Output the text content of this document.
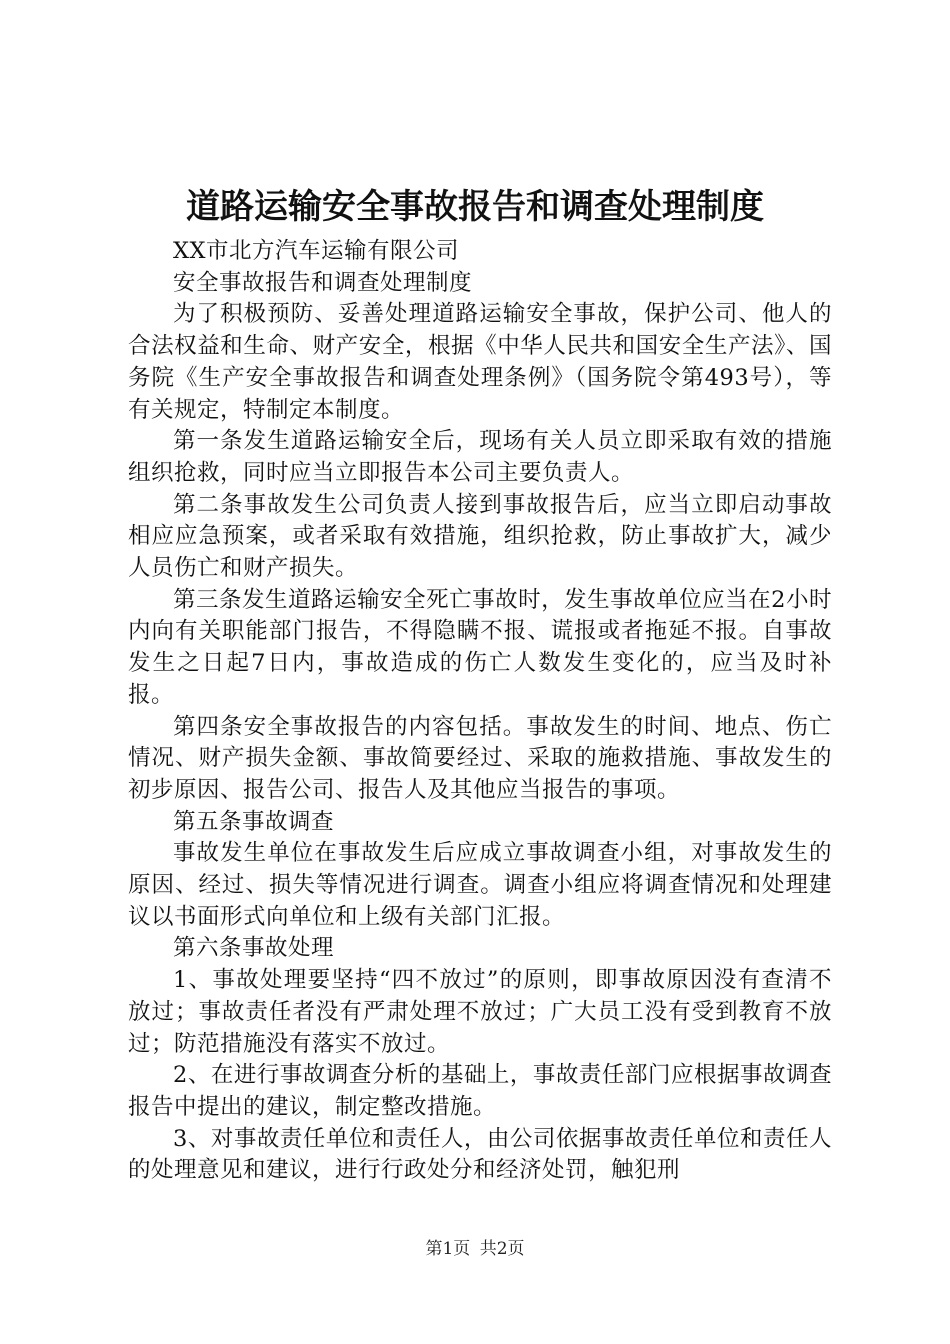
道路运输安全事故报告和调查处理制度

XX市北方汽车运输有限公司

安全事故报告和调查处理制度

为了积极预防、妥善处理道路运输安全事故，保护公司、他人的合法权益和生命、财产安全，根据《中华人民共和国安全生产法》、国务院《生产安全事故报告和调查处理条例》（国务院令第493号），等有关规定，特制定本制度。

第一条发生道路运输安全后，现场有关人员立即采取有效的措施组织抢救，同时应当立即报告本公司主要负责人。

第二条事故发生公司负责人接到事故报告后，应当立即启动事故相应应急预案，或者采取有效措施，组织抢救，防止事故扩大，减少人员伤亡和财产损失。

第三条发生道路运输安全死亡事故时，发生事故单位应当在2小时内向有关职能部门报告，不得隐瞒不报、谎报或者拖延不报。自事故发生之日起7日内，事故造成的伤亡人数发生变化的，应当及时补报。

第四条安全事故报告的内容包括。事故发生的时间、地点、伤亡情况、财产损失金额、事故简要经过、采取的施救措施、事故发生的初步原因、报告公司、报告人及其他应当报告的事项。

第五条事故调查

事故发生单位在事故发生后应成立事故调查小组，对事故发生的原因、经过、损失等情况进行调查。调查小组应将调查情况和处理建议以书面形式向单位和上级有关部门汇报。

第六条事故处理

1、事故处理要坚持“四不放过”的原则，即事故原因没有查清不放过；事故责任者没有严肃处理不放过；广大员工没有受到教育不放过；防范措施没有落实不放过。

2、在进行事故调查分析的基础上，事故责任部门应根据事故调查报告中提出的建议，制定整改措施。

3、对事故责任单位和责任人，由公司依据事故责任单位和责任人的处理意见和建议，进行行政处分和经济处罚，触犯刑

第1页 共2页
